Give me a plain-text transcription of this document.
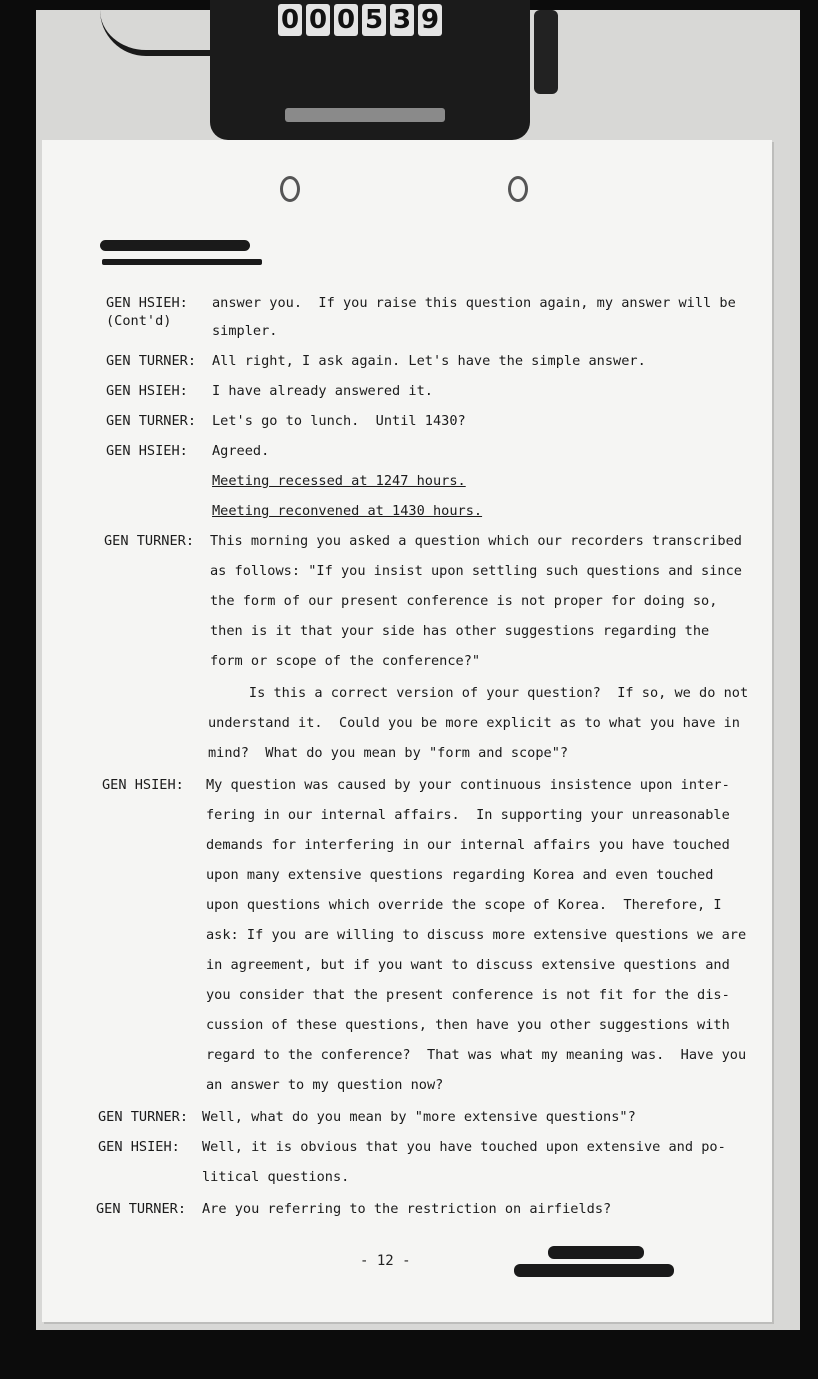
0 0 0 5 3 9
GEN HSIEH:
(Cont'd)
answer you.  If you raise this question again, my answer will be
simpler.
GEN TURNER: All right, I ask again. Let's have the simple answer.
GEN HSIEH: I have already answered it.
GEN TURNER: Let's go to lunch.  Until 1430?
GEN HSIEH: Agreed.
Meeting recessed at 1247 hours.
Meeting reconvened at 1430 hours.
GEN TURNER: This morning you asked a question which our recorders transcribed
as follows: "If you insist upon settling such questions and since
the form of our present conference is not proper for doing so,
then is it that your side has other suggestions regarding the
form or scope of the conference?"
Is this a correct version of your question?  If so, we do not
understand it.  Could you be more explicit as to what you have in
mind?  What do you mean by "form and scope"?
GEN HSIEH: My question was caused by your continuous insistence upon inter-
fering in our internal affairs.  In supporting your unreasonable
demands for interfering in our internal affairs you have touched
upon many extensive questions regarding Korea and even touched
upon questions which override the scope of Korea.  Therefore, I
ask: If you are willing to discuss more extensive questions we are
in agreement, but if you want to discuss extensive questions and
you consider that the present conference is not fit for the dis-
cussion of these questions, then have you other suggestions with
regard to the conference?  That was what my meaning was.  Have you
an answer to my question now?
GEN TURNER: Well, what do you mean by "more extensive questions"?
GEN HSIEH: Well, it is obvious that you have touched upon extensive and po-
litical questions.
GEN TURNER: Are you referring to the restriction on airfields?
- 12 -
